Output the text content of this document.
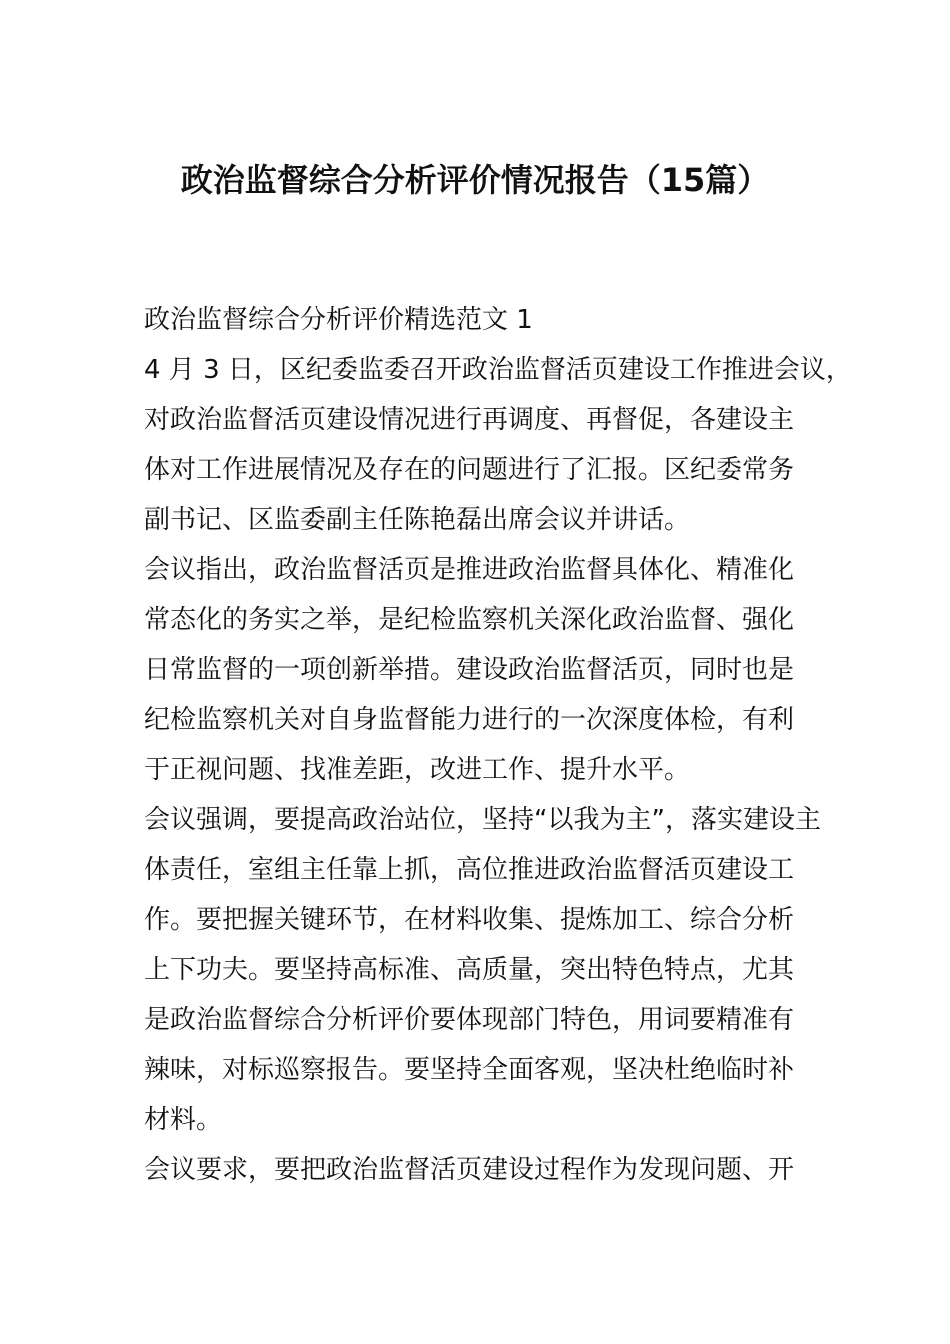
政治监督综合分析评价情况报告（15篇）
政治监督综合分析评价精选范文 1
4 月 3 日，区纪委监委召开政治监督活页建设工作推进会议，
对政治监督活页建设情况进行再调度、再督促，各建设主
体对工作进展情况及存在的问题进行了汇报。区纪委常务
副书记、区监委副主任陈艳磊出席会议并讲话。
会议指出，政治监督活页是推进政治监督具体化、精准化
常态化的务实之举，是纪检监察机关深化政治监督、强化
日常监督的一项创新举措。建设政治监督活页，同时也是
纪检监察机关对自身监督能力进行的一次深度体检，有利
于正视问题、找准差距，改进工作、提升水平。
会议强调，要提高政治站位，坚持“以我为主”，落实建设主
体责任，室组主任靠上抓，高位推进政治监督活页建设工
作。要把握关键环节，在材料收集、提炼加工、综合分析
上下功夫。要坚持高标准、高质量，突出特色特点，尤其
是政治监督综合分析评价要体现部门特色，用词要精准有
辣味，对标巡察报告。要坚持全面客观，坚决杜绝临时补
材料。
会议要求，要把政治监督活页建设过程作为发现问题、开
